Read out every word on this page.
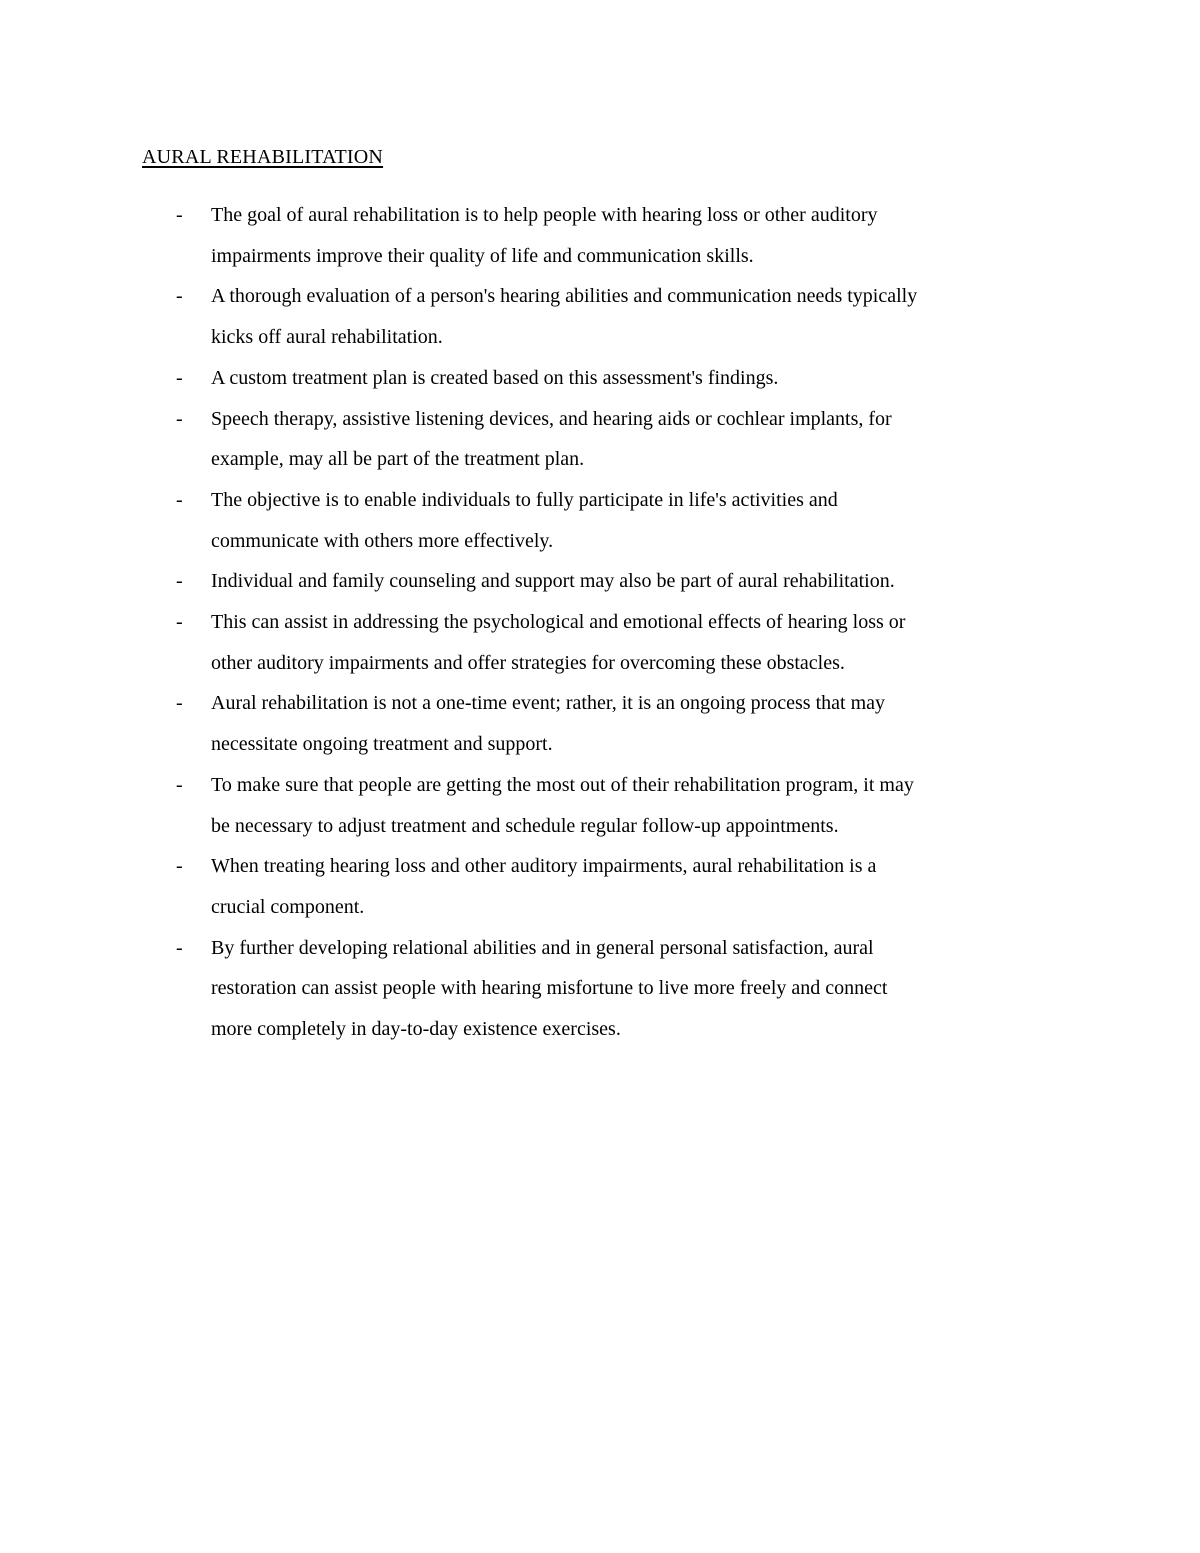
AURAL REHABILITATION
- The goal of aural rehabilitation is to help people with hearing loss or other auditory
impairments improve their quality of life and communication skills.
- A thorough evaluation of a person's hearing abilities and communication needs typically
kicks off aural rehabilitation.
- A custom treatment plan is created based on this assessment's findings.
- Speech therapy, assistive listening devices, and hearing aids or cochlear implants, for
example, may all be part of the treatment plan.
- The objective is to enable individuals to fully participate in life's activities and
communicate with others more effectively.
- Individual and family counseling and support may also be part of aural rehabilitation.
- This can assist in addressing the psychological and emotional effects of hearing loss or
other auditory impairments and offer strategies for overcoming these obstacles.
- Aural rehabilitation is not a one-time event; rather, it is an ongoing process that may
necessitate ongoing treatment and support.
- To make sure that people are getting the most out of their rehabilitation program, it may
be necessary to adjust treatment and schedule regular follow-up appointments.
- When treating hearing loss and other auditory impairments, aural rehabilitation is a
crucial component.
- By further developing relational abilities and in general personal satisfaction, aural
restoration can assist people with hearing misfortune to live more freely and connect
more completely in day-to-day existence exercises.
